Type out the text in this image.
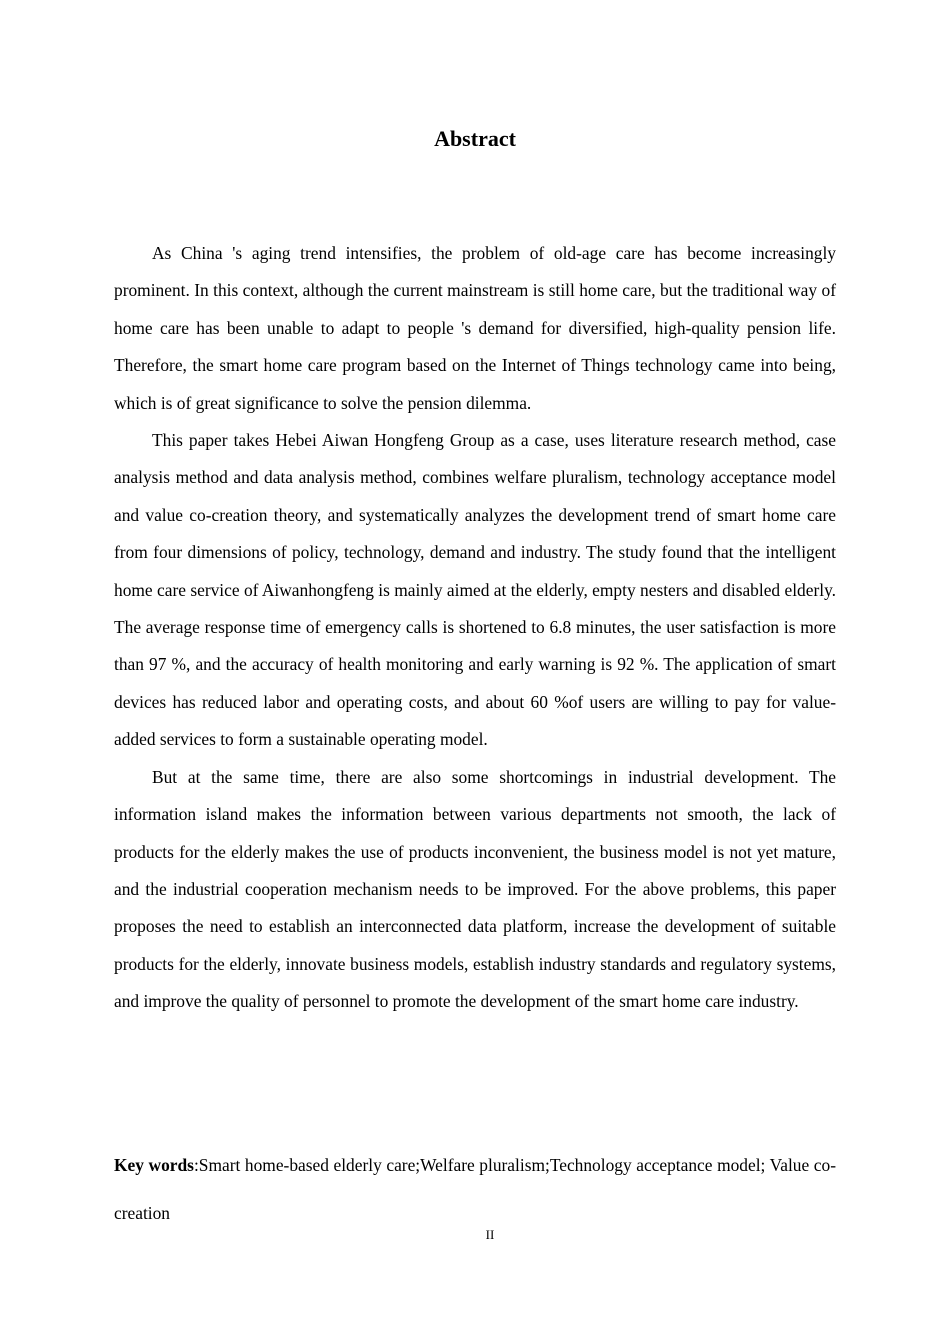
Abstract

As China 's aging trend intensifies, the problem of old-age care has become increasingly prominent. In this context, although the current mainstream is still home care, but the traditional way of home care has been unable to adapt to people 's demand for diversified, high-quality pension life. Therefore, the smart home care program based on the Internet of Things technology came into being, which is of great significance to solve the pension dilemma.

This paper takes Hebei Aiwan Hongfeng Group as a case, uses literature research method, case analysis method and data analysis method, combines welfare pluralism, technology acceptance model and value co-creation theory, and systematically analyzes the development trend of smart home care from four dimensions of policy, technology, demand and industry. The study found that the intelligent home care service of Aiwanhongfeng is mainly aimed at the elderly, empty nesters and disabled elderly. The average response time of emergency calls is shortened to 6.8 minutes, the user satisfaction is more than 97 %, and the accuracy of health monitoring and early warning is 92 %. The application of smart devices has reduced labor and operating costs, and about 60 %of users are willing to pay for value-added services to form a sustainable operating model.

But at the same time, there are also some shortcomings in industrial development. The information island makes the information between various departments not smooth, the lack of products for the elderly makes the use of products inconvenient, the business model is not yet mature, and the industrial cooperation mechanism needs to be improved. For the above problems, this paper proposes the need to establish an interconnected data platform, increase the development of suitable products for the elderly, innovate business models, establish industry standards and regulatory systems, and improve the quality of personnel to promote the development of the smart home care industry.

Key words:Smart home-based elderly care;Welfare pluralism;Technology acceptance model; Value co-creation

II
